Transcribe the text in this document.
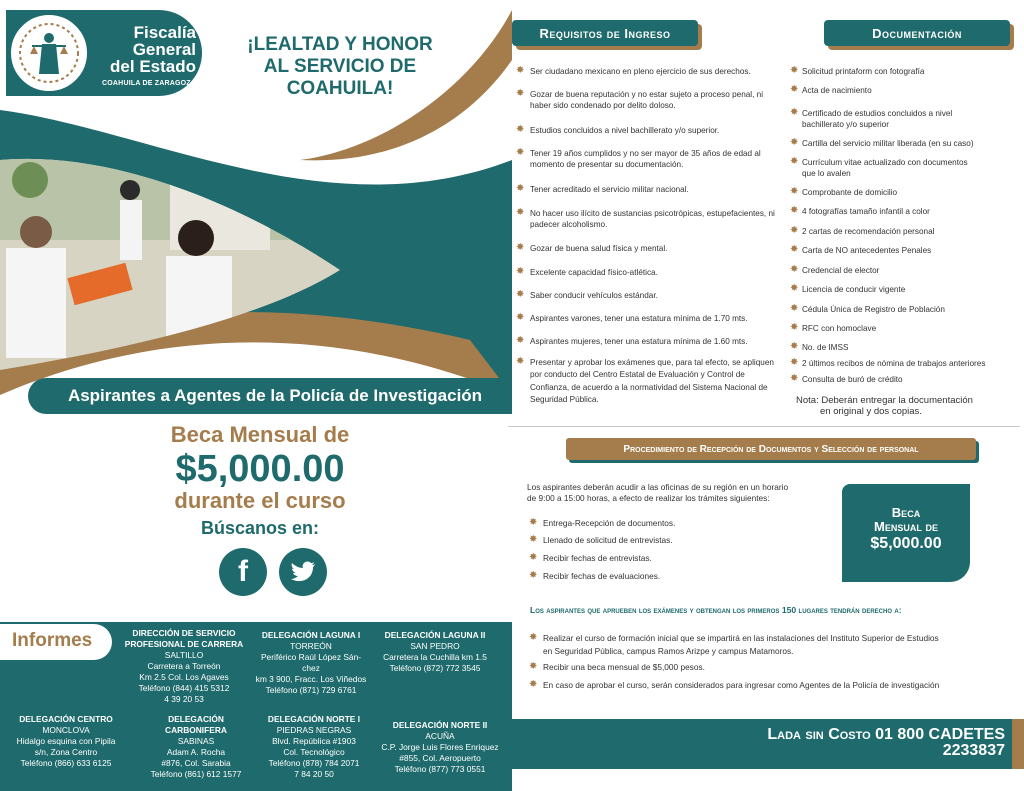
Fiscalía
General
del Estado
COAHUILA DE ZARAGOZA
¡LEALTAD Y HONOR
AL SERVICIO DE COAHUILA!
Aspirantes a Agentes de la Policía de Investigación
Beca Mensual de
$5,000.00
durante el curso
Búscanos en:
f
Informes	DIRECCIÓN DE SERVICIO PROFESIONAL DE CARRERA
SALTILLO
Carretera a Torreón
Km 2.5 Col. Los Agaves
Teléfono (844) 415 5312
4 39 20 53
DELEGACIÓN LAGUNA I
TORREÓN
Periférico Raúl López Sán-
chez
km 3 900, Fracc. Los Viñedos
Teléfono (871) 729 6761
DELEGACIÓN LAGUNA II
SAN PEDRO
Carretera la Cuchilla km 1.5
Teléfono (872) 772 3545
DELEGACIÓN CENTRO
MONCLOVA
Hidalgo esquina con Pipila
s/n, Zona Centro
Teléfono (866) 633 6125
DELEGACIÓN CARBONIFERA
SABINAS
Adam A. Rocha
#876, Col. Sarabia
Teléfono (861) 612 1577
DELEGACIÓN NORTE I
PIEDRAS NEGRAS
Blvd. República #1903
Col. Tecnológico
Teléfono (878) 784 2071
7 84 20 50
DELEGACIÓN NORTE II
ACUÑA
C.P. Jorge Luis Flores Enriquez
#855, Col. Aeropuerto
Teléfono (877) 773 0551
Requisitos de Ingreso	Documentación
✸ Ser ciudadano mexicano en pleno ejercicio de sus derechos.
✸ Gozar de buena reputación y no estar sujeto a proceso penal, ni haber sido condenado por delito doloso.
✸ Estudios concluidos a nivel bachillerato y/o superior.
✸ Tener 19 años cumplidos y no ser mayor de 35 años de edad al momento de presentar su documentación.
✸ Tener acreditado el servicio militar nacional.
✸ No hacer uso ilícito de sustancias psicotrópicas, estupefacientes, ni padecer alcoholismo.
✸ Gozar de buena salud física y mental.
✸ Excelente capacidad físico-atlética.
✸ Saber conducir vehículos estándar.
✸ Aspirantes varones, tener una estatura mínima de 1.70 mts.
✸ Aspirantes mujeres, tener una estatura mínima de 1.60 mts.
✸ Presentar y aprobar los exámenes que, para tal efecto, se apliquen por conducto del Centro Estatal de Evaluación y Control de Confianza, de acuerdo a la normatividad del Sistema Nacional de Seguridad Pública.
✸ Solicitud printaform con fotografía
✸ Acta de nacimiento
✸ Certificado de estudios concluidos a nivel bachillerato y/o superior
✸ Cartilla del servicio militar liberada (en su caso)
✸ Currículum vitae actualizado con documentos que lo avalen
✸ Comprobante de domicilio
✸ 4 fotografías tamaño infantil a color
✸ 2 cartas de recomendación personal
✸ Carta de NO antecedentes Penales
✸ Credencial de elector
✸ Licencia de conducir vigente
✸ Cédula Única de Registro de Población
✸ RFC con homoclave
✸ No. de IMSS
✸ 2 últimos recibos de nómina de trabajos anteriores
✸ Consulta de buró de crédito
Nota: Deberán entregar la documentación
en original y dos copias.
Procedimiento de Recepción de Documentos y Selección de personal
Los aspirantes deberán acudir a las oficinas de su región en un horario
de 9:00 a 15:00 horas, a efecto de realizar los trámites siguientes:
✸ Entrega-Recepción de documentos.
✸ Llenado de solicitud de entrevistas.
✸ Recibir fechas de entrevistas.
✸ Recibir fechas de evaluaciones.
Beca
Mensual de
$5,000.00
Los aspirantes que aprueben los exámenes y obtengan los primeros 150 lugares tendrán derecho a:
✸ Realizar el curso de formación inicial que se impartirá en las instalaciones del Instituto Superior de Estudios en Seguridad Pública, campus Ramos Arizpe y campus Matamoros.
✸ Recibir una beca mensual de $5,000 pesos.
✸ En caso de aprobar el curso, serán considerados para ingresar como Agentes de la Policía de investigación
Lada sin Costo 01 800 CADETES
2233837
